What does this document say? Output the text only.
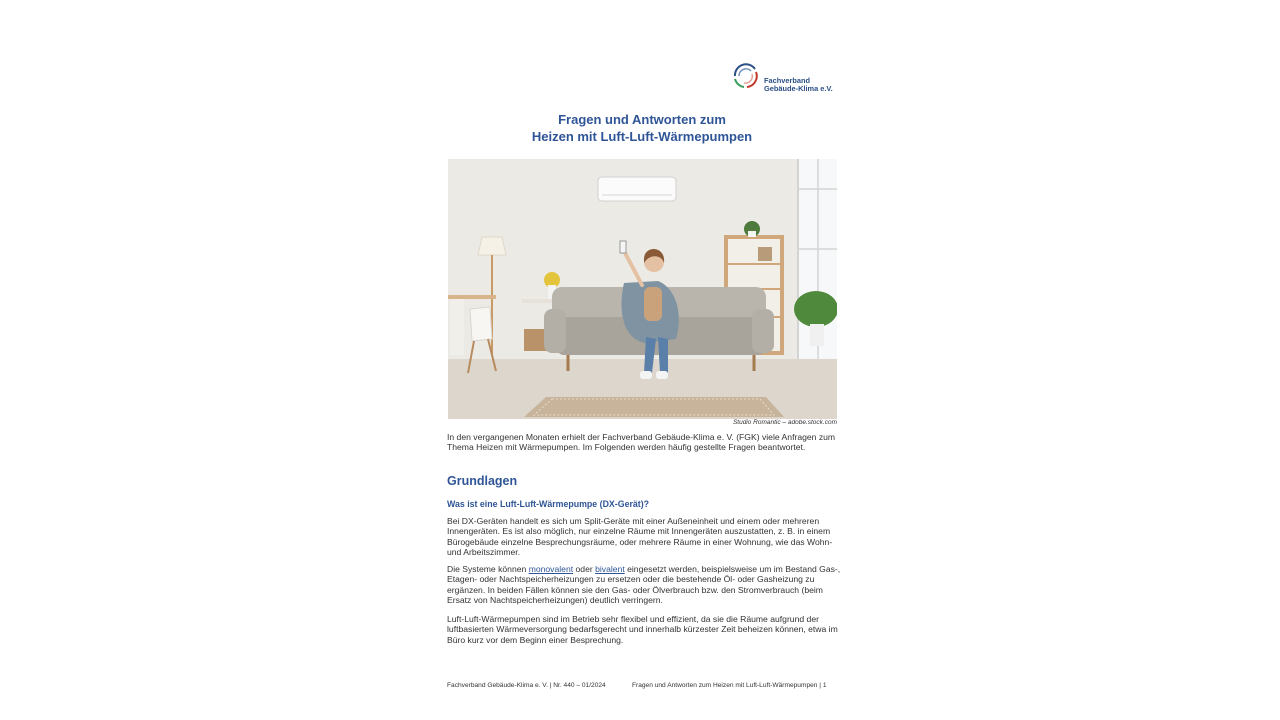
Fachverband
Gebäude-Klima e.V.
Fragen und Antworten zum
Heizen mit Luft-Luft-Wärmepumpen
Studio Romantic – adobe.stock.com

In den vergangenen Monaten erhielt der Fachverband Gebäude-Klima e. V. (FGK) viele Anfragen zum Thema Heizen mit Wärmepumpen. Im Folgenden werden häufig gestellte Fragen beantwortet.

Grundlagen
Was ist eine Luft-Luft-Wärmepumpe (DX-Gerät)?

Bei DX-Geräten handelt es sich um Split-Geräte mit einer Außeneinheit und einem oder mehreren Innengeräten. Es ist also möglich, nur einzelne Räume mit Innengeräten auszustatten, z. B. in einem Bürogebäude einzelne Besprechungsräume, oder mehrere Räume in einer Wohnung, wie das Wohn- und Arbeitszimmer.

Die Systeme können monovalent oder bivalent eingesetzt werden, beispielsweise um im Bestand Gas-, Etagen- oder Nachtspeicherheizungen zu ersetzen oder die bestehende Öl- oder Gasheizung zu ergänzen. In beiden Fällen können sie den Gas- oder Ölverbrauch bzw. den Stromverbrauch (beim Ersatz von Nachtspeicherheizungen) deutlich verringern.

Luft-Luft-Wärmepumpen sind im Betrieb sehr flexibel und effizient, da sie die Räume aufgrund der luftbasierten Wärmeversorgung bedarfsgerecht und innerhalb kürzester Zeit beheizen können, etwa im Büro kurz vor dem Beginn einer Besprechung.

Fachverband Gebäude-Klima e. V. | Nr. 440 – 01/2024	Fragen und Antworten zum Heizen mit Luft-Luft-Wärmepumpen | 1
